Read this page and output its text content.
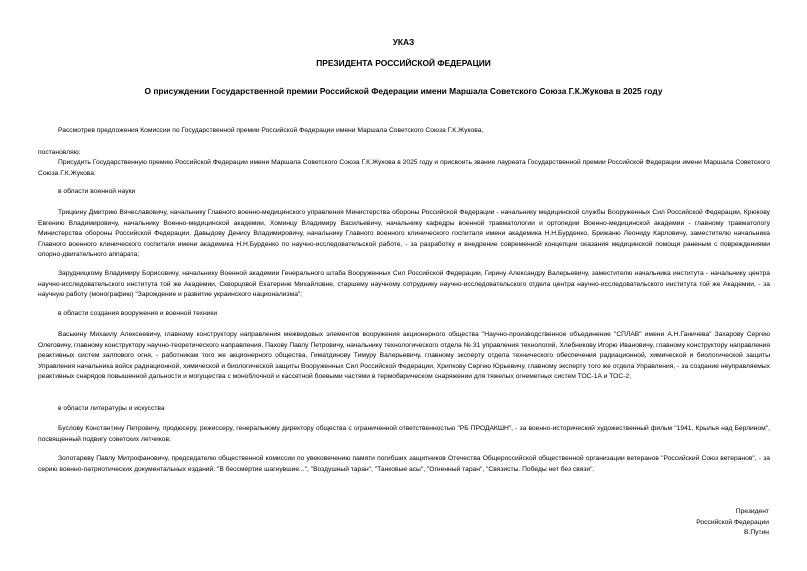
УКАЗ
ПРЕЗИДЕНТА РОССИЙСКОЙ ФЕДЕРАЦИИ
О присуждении Государственной премии Российской Федерации имени Маршала Советского Союза Г.К.Жукова в 2025 году
Рассмотрев предложения Комиссии по Государственной премии Российской Федерации имени Маршала Советского Союза Г.К.Жукова,
постановляю:
Присудить Государственную премию Российской Федерации имени Маршала Советского Союза Г.К.Жукова в 2025 году и присвоить звание лауреата Государственной премии Российской Федерации имени Маршала Советского Союза Г.К.Жукова:
в области военной науки
Трицкину Дмитрию Вячеславовичу, начальнику Главного военно-медицинского управления Министерства обороны Российской Федерации - начальнику медицинской службы Вооруженных Сил Российской Федерации, Крюкову Евгению Владимировичу, начальнику Военно-медицинской академии, Хоминцу Владимиру Васильевичу, начальнику кафедры военной травматологии и ортопедии Военно-медицинской академии - главному травматологу Министерства обороны Российской Федерации, Давыдову Денису Владимировичу, начальнику Главного военного клинического госпиталя имени академика Н.Н.Бурденко, Брижаню Леониду Карловичу, заместителю начальника Главного военного клинического госпиталя имени академика Н.Н.Бурденко по научно-исследовательской работе, - за разработку и внедрение современной концепции оказания медицинской помощи раненым с повреждениями опорно-двигательного аппарата;
Зарудницкому Владимиру Борисовичу, начальнику Военной академии Генерального штаба Вооруженных Сил Российской Федерации, Гирину Александру Валерьевичу, заместителю начальника института - начальнику центра научно-исследовательского института той же Академии, Скворцовой Екатерине Михайловне, старшему научному сотруднику научно-исследовательского отдела центра научно-исследовательского института той же Академии, - за научную работу (монографию) "Зарождение и развитие украинского национализма";
в области создания вооружения и военной техники
Васькину Михаилу Алексеевичу, главному конструктору направления межвидовых элементов вооружения акционерного общества "Научно-производственное объединение "СПЛАВ" имени А.Н.Ганичева" Захарову Сергею Олеговичу, главному конструктору научно-теоретического направления, Пахову Павлу Петровичу, начальнику технологического отдела № 31 управления технологий, Хлебникову Игорю Ивановичу, главному конструктору направления реактивных систем залпового огня, - работникам того же акционерного общества, Гиматдинову Тимуру Валерьевичу, главному эксперту отдела технического обеспечения радиационной, химической и биологической защиты Управления начальника войск радиационной, химической и биологической защиты Вооруженных Сил Российской Федерации, Хрипкову Сергею Юрьевичу, главному эксперту того же отдела Управления, - за создание неуправляемых реактивных снарядов повышенной дальности и могущества с моноблочной и кассетной боевыми частями в термобарическом снаряжении для тяжелых огнеметных систем ТОС-1А и ТОС-2;
в области литературы и искусства
Буслову Константину Петровичу, продюсеру, режиссеру, генеральному директору общества с ограниченной ответственностью "РБ ПРОДАКШН", - за военно-исторический художественный фильм "1941. Крылья над Берлином", посвященный подвигу советских летчиков;
Золотареву Павлу Митрофановичу, председателю общественной комиссии по увековечению памяти погибших защитников Отечества Общероссийской общественной организации ветеранов "Российский Союз ветеранов", - за серию военно-патриотических документальных изданий: "В бессмертие шагнувшие...", "Воздушный таран", "Танковые асы", "Огненный таран", "Связисты. Победы нет без связи".
Президент
Российской Федерации
В.Путин
